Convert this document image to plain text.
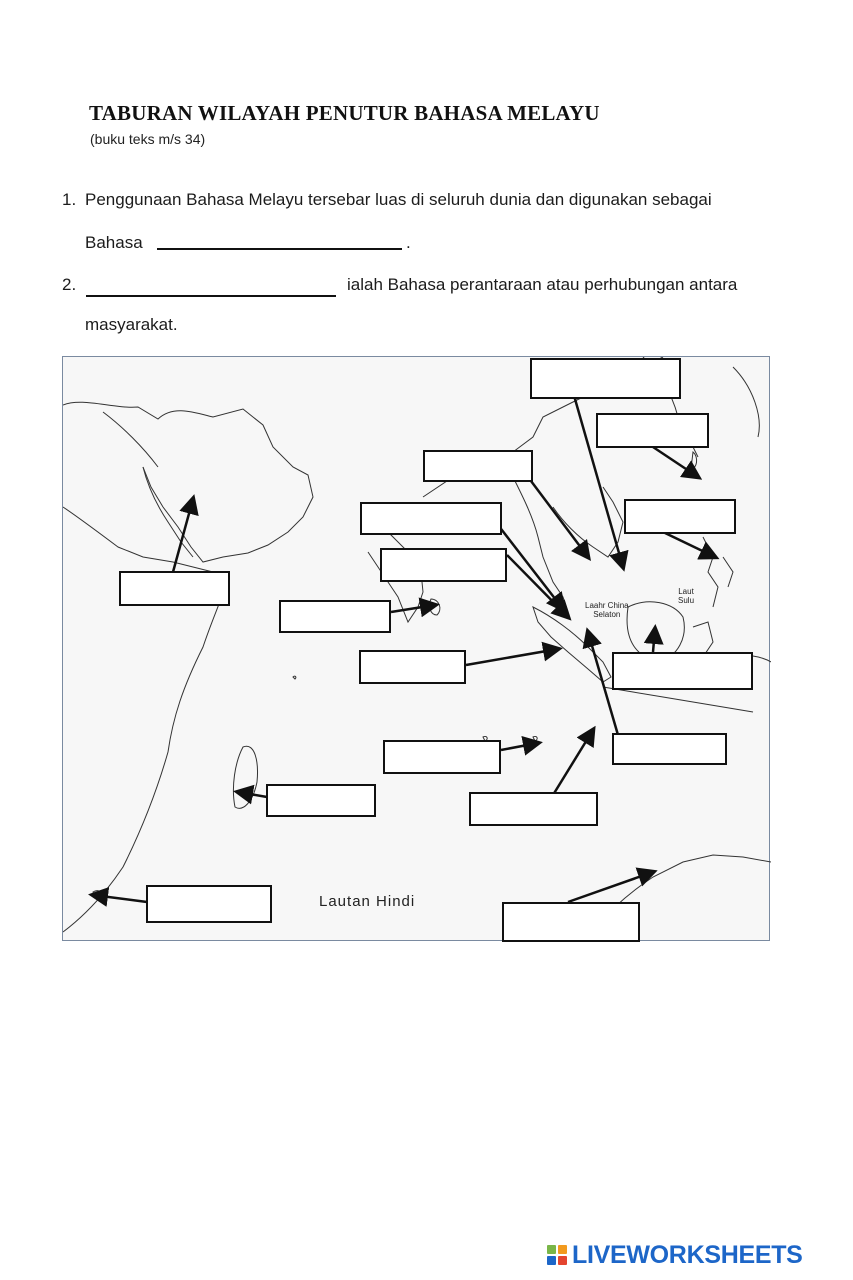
TABURAN WILAYAH PENUTUR BAHASA MELAYU
(buku teks m/s 34)
1. Penggunaan Bahasa Melayu tersebar luas di seluruh dunia dan digunakan sebagai
Bahasa	.
2.	ialah Bahasa perantaraan atau perhubungan antara
masyarakat.
Laahr China
Selaton
Laut
Sulu
Lautan Hindi
LIVEWORKSHEETS
